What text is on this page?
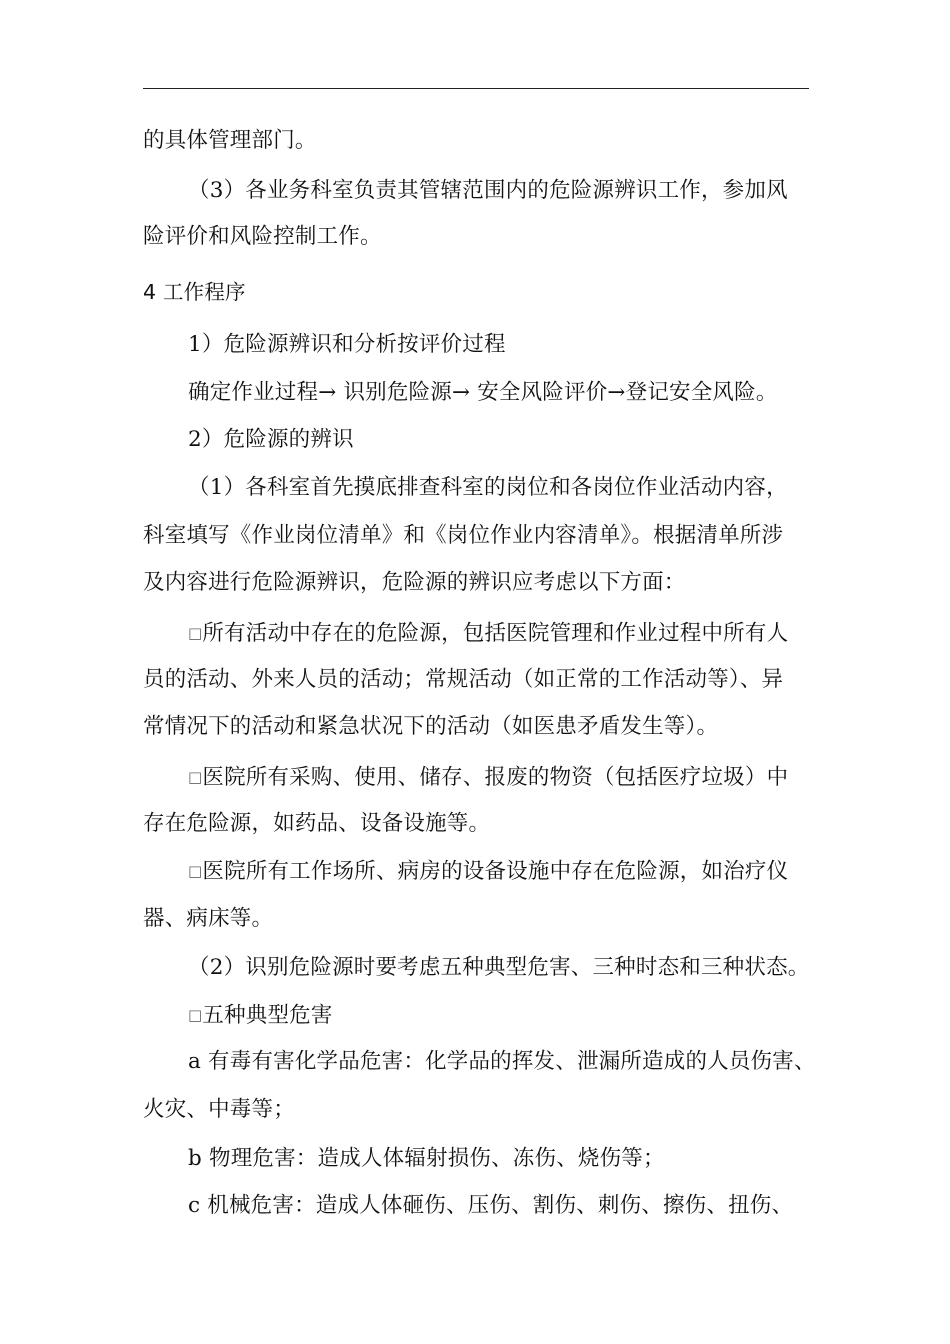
的具体管理部门。
（3）各业务科室负责其管辖范围内的危险源辨识工作，参加风
险评价和风险控制工作。
4 工作程序
1）危险源辨识和分析按评价过程
确定作业过程→ 识别危险源→ 安全风险评价→登记安全风险。
2）危险源的辨识
（1）各科室首先摸底排查科室的岗位和各岗位作业活动内容，
科室填写《作业岗位清单》和《岗位作业内容清单》。根据清单所涉
及内容进行危险源辨识，危险源的辨识应考虑以下方面：
□所有活动中存在的危险源，包括医院管理和作业过程中所有人
员的活动、外来人员的活动；常规活动（如正常的工作活动等）、异
常情况下的活动和紧急状况下的活动（如医患矛盾发生等）。
□医院所有采购、使用、储存、报废的物资（包括医疗垃圾）中
存在危险源，如药品、设备设施等。
□医院所有工作场所、病房的设备设施中存在危险源，如治疗仪
器、病床等。
（2）识别危险源时要考虑五种典型危害、三种时态和三种状态。
□五种典型危害
a 有毒有害化学品危害：化学品的挥发、泄漏所造成的人员伤害、
火灾、中毒等；
b 物理危害：造成人体辐射损伤、冻伤、烧伤等；
c 机械危害：造成人体砸伤、压伤、割伤、刺伤、擦伤、扭伤、
